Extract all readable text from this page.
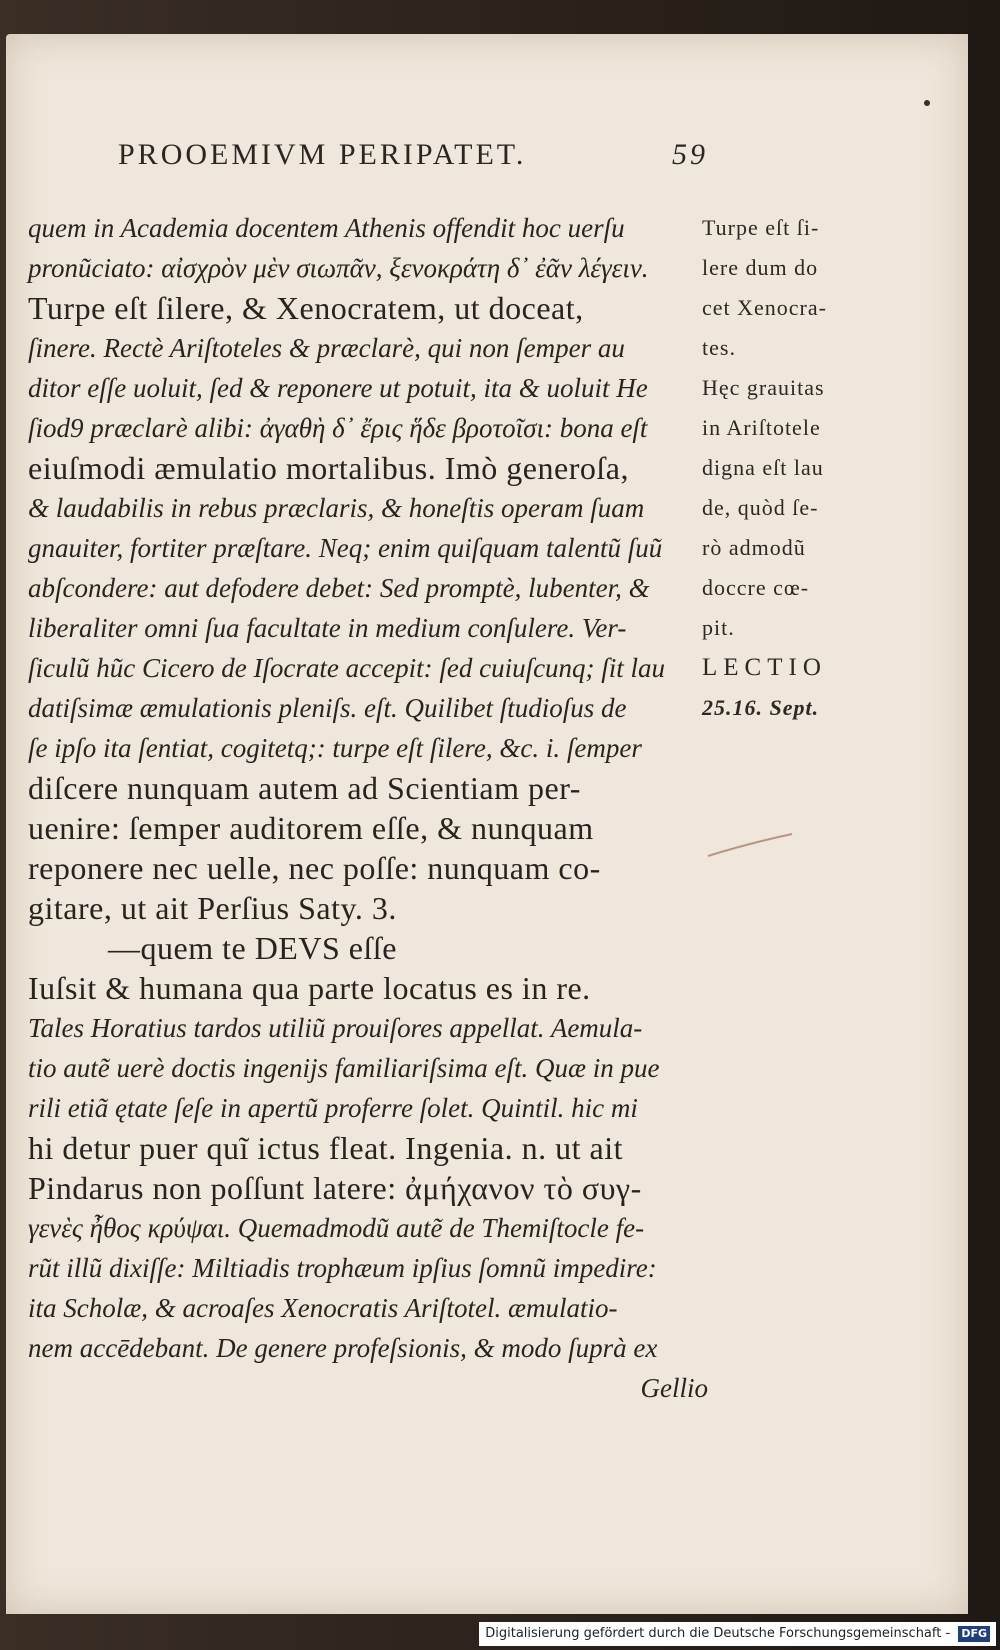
PROOEMIVM PERIPATET.	59
quem in Academia docentem Athenis offendit hoc uerſu
pronũciato: αἰσχρὸν μὲν σιωπᾶν, ξενοκράτη δ᾽ ἐᾶν λέγειν.
Turpe eſt ſilere, & Xenocratem, ut doceat,
ſinere. Rectè Ariſtoteles & præclarè, qui non ſemper au
ditor eſſe uoluit, ſed & reponere ut potuit, ita & uoluit He
ſiod9 præclarè alibi: ἀγαθὴ δ᾽ ἔρις ἥδε βροτοῖσι: bona eſt
eiuſmodi æmulatio mortalibus. Imò generoſa,
& laudabilis in rebus præclaris, & honeſtis operam ſuam
gnauiter, fortiter præſtare. Neq; enim quiſquam talentũ ſuũ
abſcondere: aut defodere debet: Sed promptè, lubenter, &
liberaliter omni ſua facultate in medium conſulere. Ver-
ſiculũ hũc Cicero de Iſocrate accepit: ſed cuiuſcunq; ſit lau
datiſsimæ æmulationis pleniſs. eſt. Quilibet ſtudioſus de
ſe ipſo ita ſentiat, cogitetq;: turpe eſt ſilere, &c. i. ſemper
diſcere nunquam autem ad Scientiam per-
uenire: ſemper auditorem eſſe, & nunquam
reponere nec uelle, nec poſſe: nunquam co-
gitare, ut ait Perſius Saty. 3.
—quem te DEVS eſſe
Iuſsit & humana qua parte locatus es in re.
Tales Horatius tardos utiliũ prouiſores appellat. Aemula-
tio autẽ uerè doctis ingenijs familiariſsima eſt. Quæ in pue
rili etiã ętate ſeſe in apertũ proferre ſolet. Quintil. hic mi
hi detur puer quĩ ictus fleat. Ingenia. n. ut ait
Pindarus non poſſunt latere: ἀμήχανον τὸ συγ-
γενὲς ἦθος κρύψαι. Quemadmodũ autẽ de Themiſtocle fe-
rũt illũ dixiſſe: Miltiadis trophæum ipſius ſomnũ impedire:
ita Scholæ, & acroaſes Xenocratis Ariſtotel. æmulatio-
nem accēdebant. De genere profeſsionis, & modo ſuprà ex
Gellio
Turpe eſt ſi-
lere dum do
cet Xenocra-
tes.
Hęc grauitas
in Ariſtotele
digna eſt lau
de, quòd ſe-
rò admodũ
doccre cœ-
pit.
LECTIO
25.16. Sept.
Digitalisierung gefördert durch die Deutsche Forschungsgemeinschaft - DFG
